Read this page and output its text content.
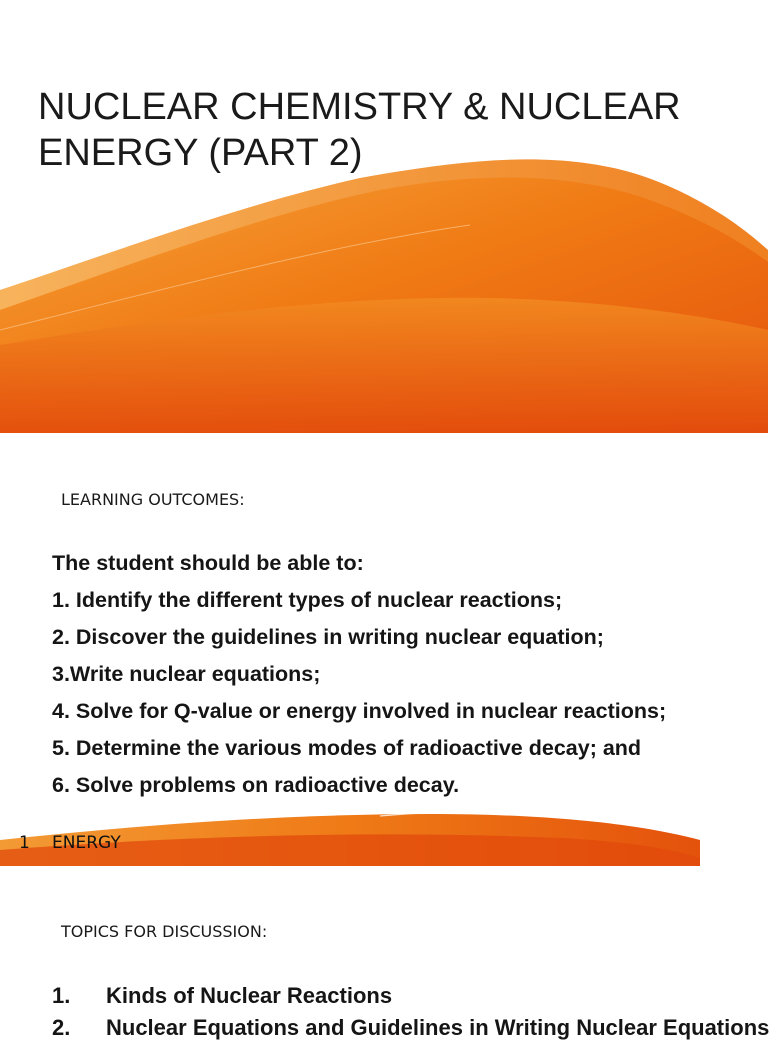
NUCLEAR CHEMISTRY & NUCLEAR ENERGY (PART 2)

LEARNING OUTCOMES:

The student should be able to:
1. Identify the different types of nuclear reactions;
2. Discover the guidelines in writing nuclear equation;
3.Write nuclear equations;
4. Solve for Q-value or energy involved in nuclear reactions;
5. Determine the various modes of radioactive decay; and
6. Solve problems on radioactive decay.
1 ENERGY

TOPICS FOR DISCUSSION:

1. Kinds of Nuclear Reactions
2. Nuclear Equations and Guidelines in Writing Nuclear Equations
